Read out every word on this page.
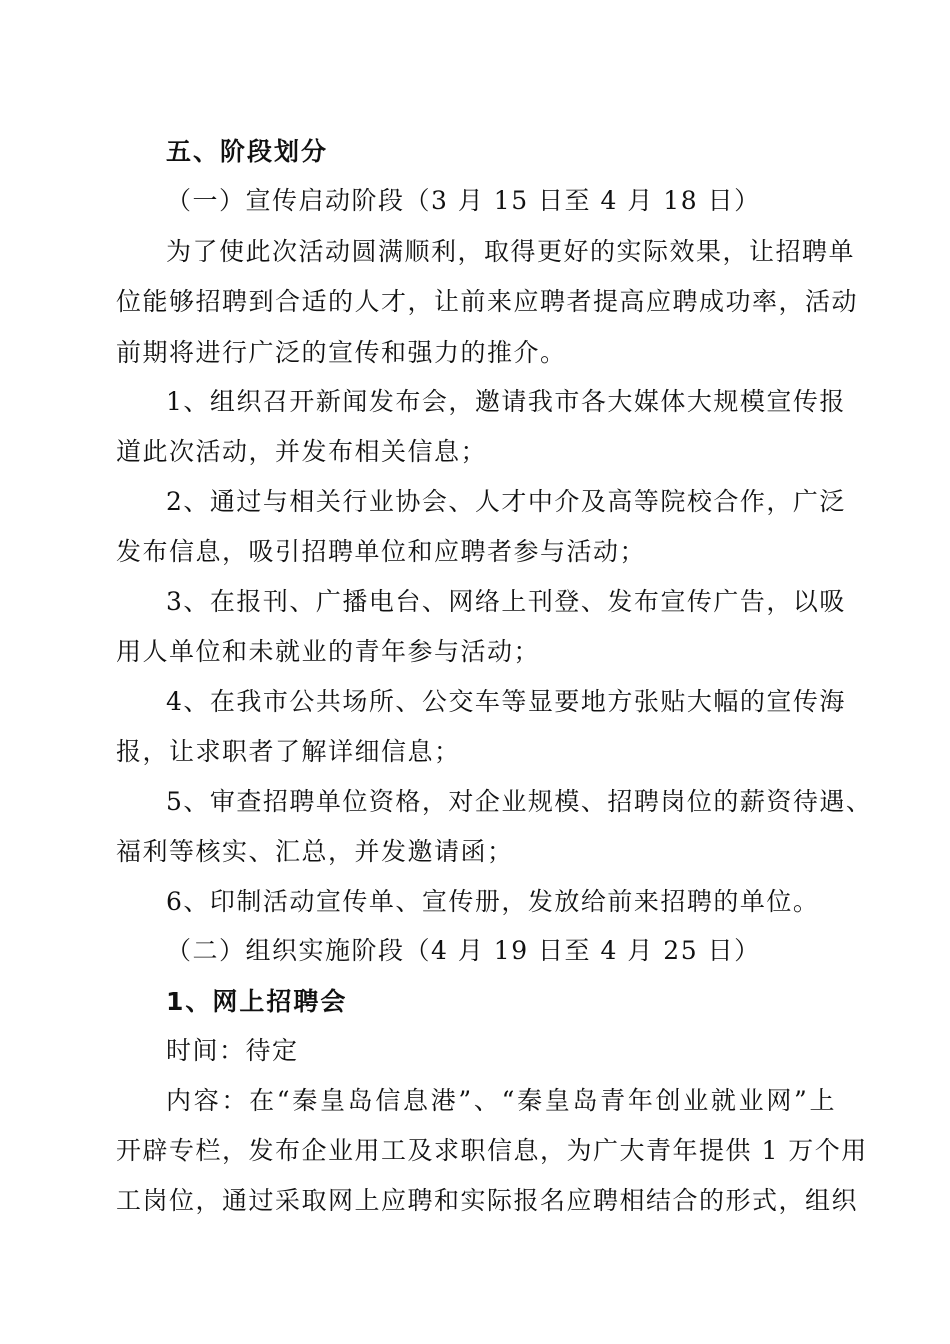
五、阶段划分
（一）宣传启动阶段（3 月 15 日至 4 月 18 日）
为了使此次活动圆满顺利，取得更好的实际效果，让招聘单
位能够招聘到合适的人才，让前来应聘者提高应聘成功率，活动
前期将进行广泛的宣传和强力的推介。
1、组织召开新闻发布会，邀请我市各大媒体大规模宣传报
道此次活动，并发布相关信息；
2、通过与相关行业协会、人才中介及高等院校合作，广泛
发布信息，吸引招聘单位和应聘者参与活动；
3、在报刊、广播电台、网络上刊登、发布宣传广告，以吸
用人单位和未就业的青年参与活动；
4、在我市公共场所、公交车等显要地方张贴大幅的宣传海
报，让求职者了解详细信息；
5、审查招聘单位资格，对企业规模、招聘岗位的薪资待遇、
福利等核实、汇总，并发邀请函；
6、印制活动宣传单、宣传册，发放给前来招聘的单位。
（二）组织实施阶段（4 月 19 日至 4 月 25 日）
1、网上招聘会
时间：待定
内容：在“秦皇岛信息港”、“秦皇岛青年创业就业网”上
开辟专栏，发布企业用工及求职信息，为广大青年提供 1 万个用
工岗位，通过采取网上应聘和实际报名应聘相结合的形式，组织
